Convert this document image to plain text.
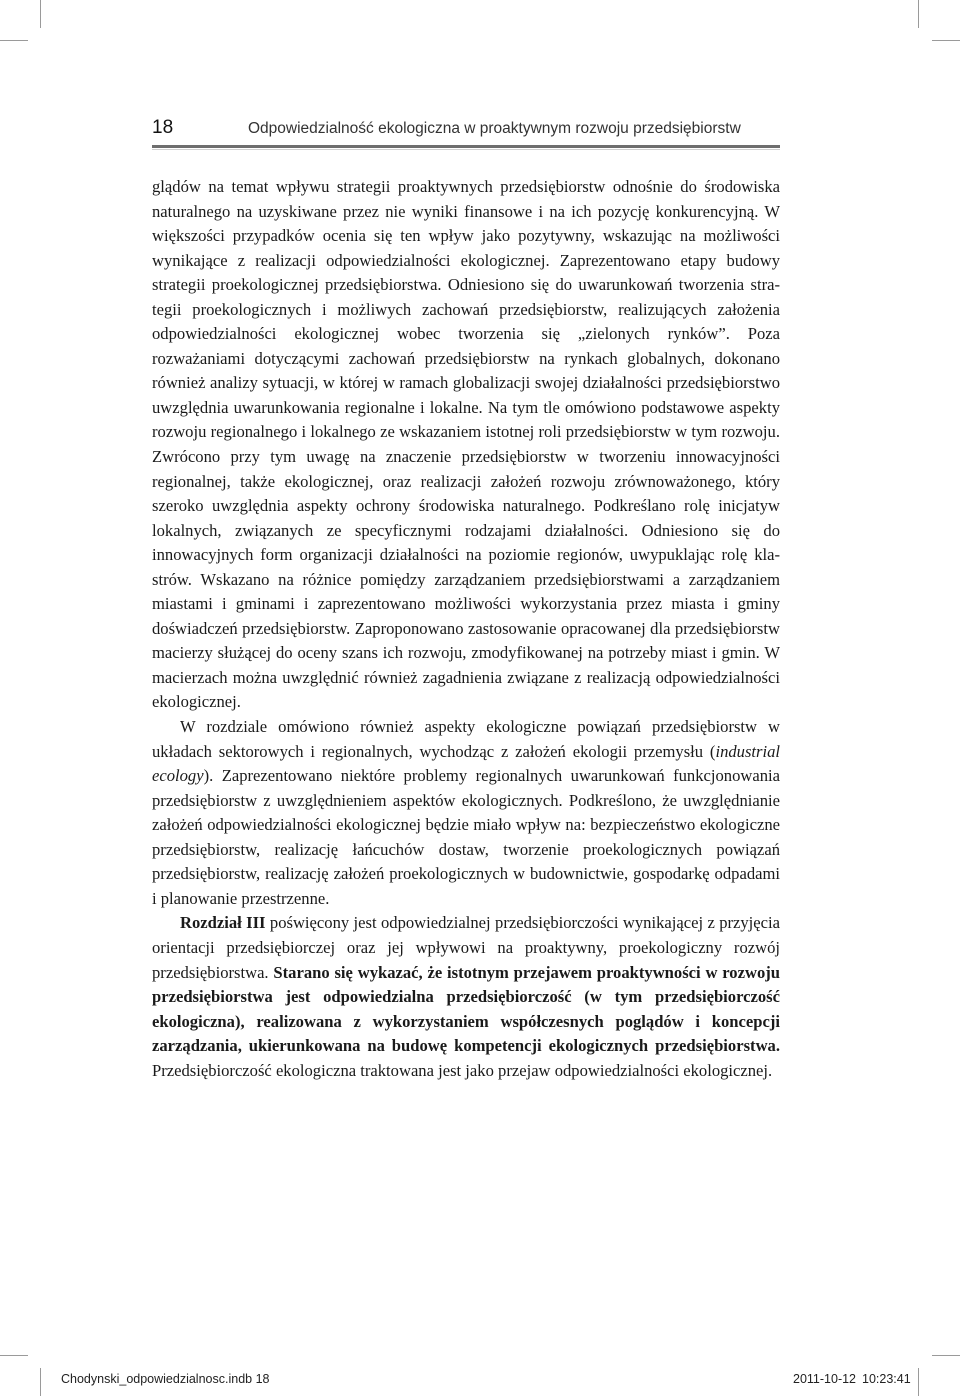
18	Odpowiedzialność ekologiczna w proaktywnym rozwoju przedsiębiorstw

glądów na temat wpływu strategii proaktywnych przedsiębiorstw odnośnie do środowiska naturalnego na uzyskiwane przez nie wyniki finansowe i na ich pozycję konkurencyjną. W większości przypadków ocenia się ten wpływ jako pozytywny, wskazując na możliwości wynikające z realizacji odpowiedzialności ekologicznej. Zaprezentowano etapy budowy strategii proekologicznej przedsiębiorstwa. Odniesiono się do uwarunkowań tworzenia strategii proekologicznych i możliwych zachowań przedsiębiorstw, realizujących założenia odpowiedzialności ekologicznej wobec tworzenia się „zielonych rynków”. Poza rozważaniami dotyczącymi zachowań przedsiębiorstw na rynkach globalnych, dokonano również analizy sytuacji, w której w ramach globalizacji swojej działalności przedsiębiorstwo uwzględnia uwarunkowania regionalne i lokalne. Na tym tle omówiono podstawowe aspekty rozwoju regionalnego i lokalnego ze wskazaniem istotnej roli przedsiębiorstw w tym rozwoju. Zwrócono przy tym uwagę na znaczenie przedsiębiorstw w tworzeniu innowacyjności regionalnej, także ekologicznej, oraz realizacji założeń rozwoju zrównoważonego, który szeroko uwzględnia aspekty ochrony środowiska naturalnego. Podkreślano rolę inicjatyw lokalnych, związanych ze specyficznymi rodzajami działalności. Odniesiono się do innowacyjnych form organizacji działalności na poziomie regionów, uwypuklając rolę klastrów. Wskazano na różnice pomiędzy zarządzaniem przedsiębiorstwami a zarządzaniem miastami i gminami i zaprezentowano możliwości wykorzystania przez miasta i gminy doświadczeń przedsiębiorstw. Zaproponowano zastosowanie opracowanej dla przedsiębiorstw macierzy służącej do oceny szans ich rozwoju, zmodyfikowanej na potrzeby miast i gmin. W macierzach można uwzględnić również zagadnienia związane z realizacją odpowiedzialności ekologicznej.

W rozdziale omówiono również aspekty ekologiczne powiązań przedsiębiorstw w układach sektorowych i regionalnych, wychodząc z założeń ekologii przemysłu (industrial ecology). Zaprezentowano niektóre problemy regionalnych uwarunkowań funkcjonowania przedsiębiorstw z uwzględnieniem aspektów ekologicznych. Podkreślono, że uwzględnianie założeń odpowiedzialności ekologicznej będzie miało wpływ na: bezpieczeństwo ekologiczne przedsiębiorstw, realizację łańcuchów dostaw, tworzenie proekologicznych powiązań przedsiębiorstw, realizację założeń proekologicznych w budownictwie, gospodarkę odpadami i planowanie przestrzenne.

Rozdział III poświęcony jest odpowiedzialnej przedsiębiorczości wynikającej z przyjęcia orientacji przedsiębiorczej oraz jej wpływowi na proaktywny, proekologiczny rozwój przedsiębiorstwa. Starano się wykazać, że istotnym przejawem proaktywności w rozwoju przedsiębiorstwa jest odpowiedzialna przedsiębiorczość (w tym przedsiębiorczość ekologiczna), realizowana z wykorzystaniem współczesnych poglądów i koncepcji zarządzania, ukierunkowana na budowę kompetencji ekologicznych przedsiębiorstwa. Przedsiębiorczość ekologiczna traktowana jest jako przejaw odpowiedzialności ekologicznej.

Chodynski_odpowiedzialnosc.indb 18	2011-10-12 10:23:41
